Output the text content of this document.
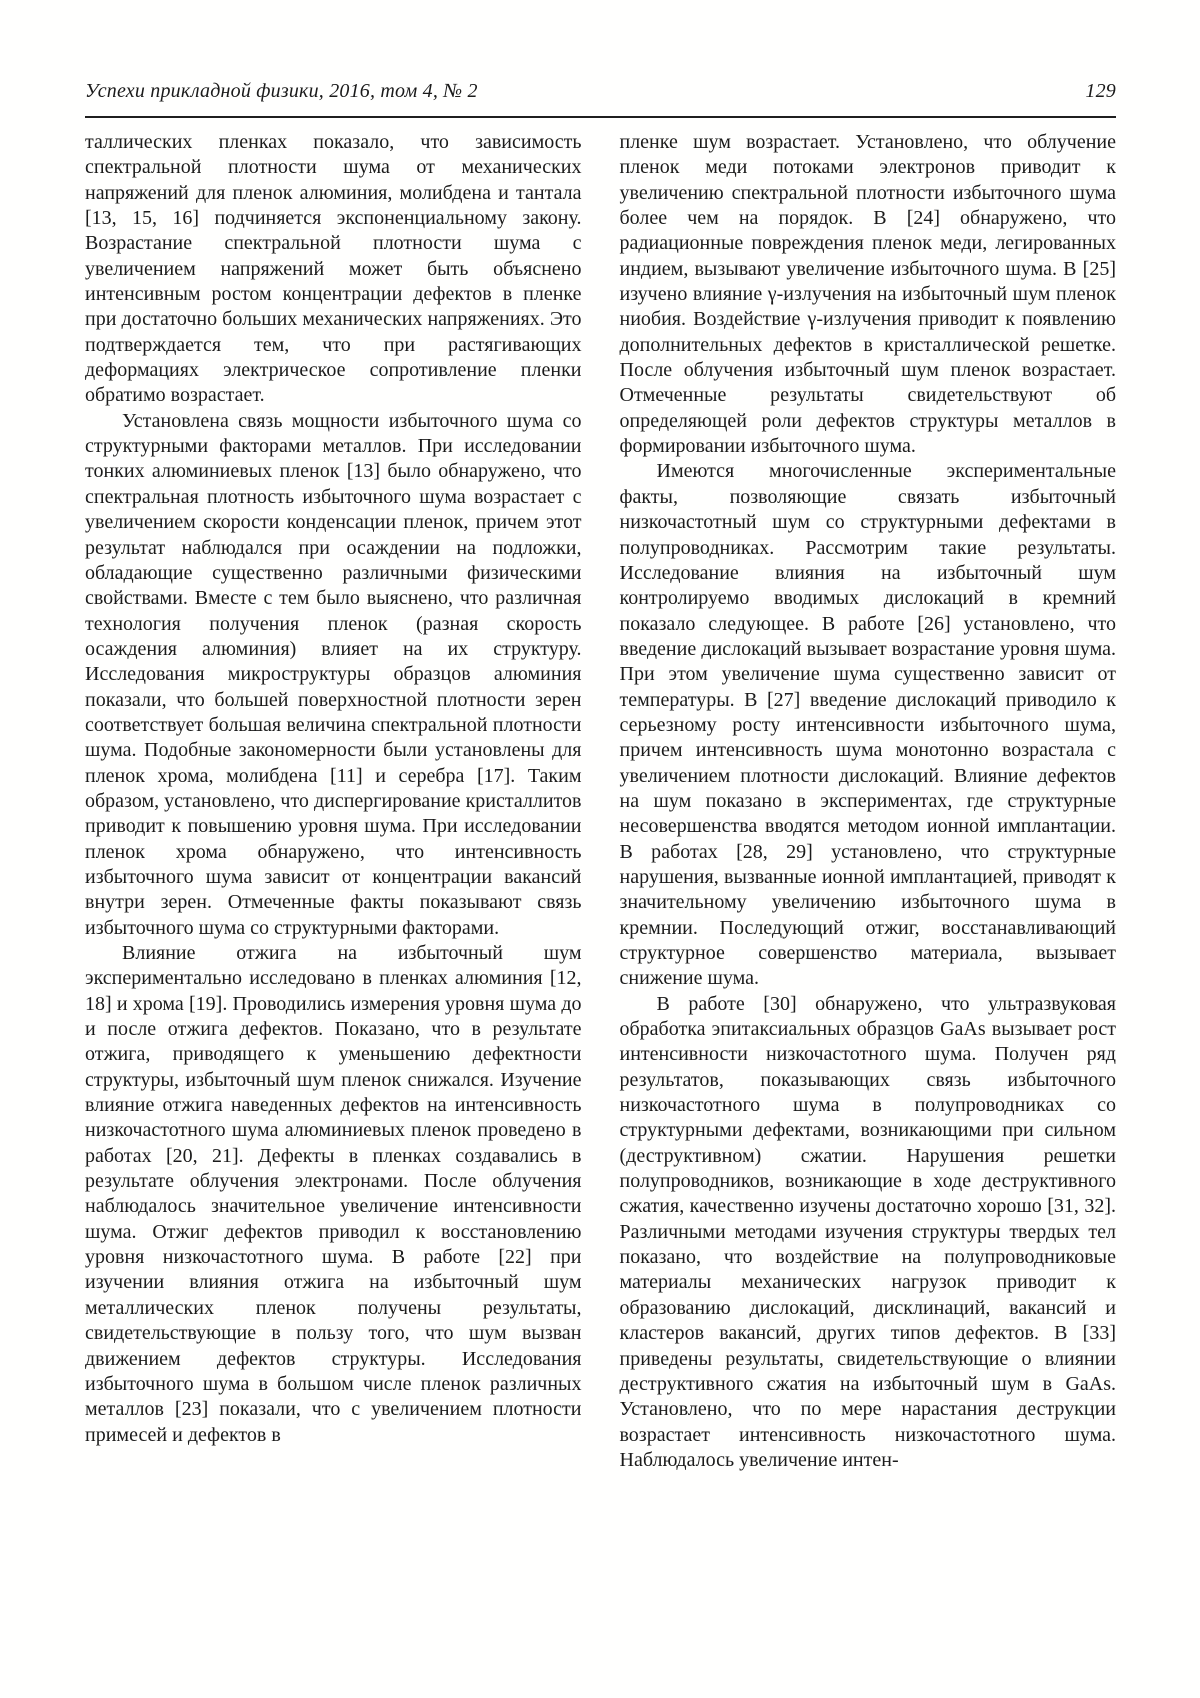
Успехи прикладной физики, 2016, том 4, № 2	129

таллических пленках показало, что зависимость спектральной плотности шума от механических напряжений для пленок алюминия, молибдена и тантала [13, 15, 16] подчиняется экспоненциальному закону. Возрастание спектральной плотности шума с увеличением напряжений может быть объяснено интенсивным ростом концентрации дефектов в пленке при достаточно больших механических напряжениях. Это подтверждается тем, что при растягивающих деформациях электрическое сопротивление пленки обратимо возрастает.

Установлена связь мощности избыточного шума со структурными факторами металлов. При исследовании тонких алюминиевых пленок [13] было обнаружено, что спектральная плотность избыточного шума возрастает с увеличением скорости конденсации пленок, причем этот результат наблюдался при осаждении на подложки, обладающие существенно различными физическими свойствами. Вместе с тем было выяснено, что различная технология получения пленок (разная скорость осаждения алюминия) влияет на их структуру. Исследования микроструктуры образцов алюминия показали, что большей поверхностной плотности зерен соответствует большая величина спектральной плотности шума. Подобные закономерности были установлены для пленок хрома, молибдена [11] и серебра [17]. Таким образом, установлено, что диспергирование кристаллитов приводит к повышению уровня шума. При исследовании пленок хрома обнаружено, что интенсивность избыточного шума зависит от концентрации вакансий внутри зерен. Отмеченные факты показывают связь избыточного шума со структурными факторами.

Влияние отжига на избыточный шум экспериментально исследовано в пленках алюминия [12, 18] и хрома [19]. Проводились измерения уровня шума до и после отжига дефектов. Показано, что в результате отжига, приводящего к уменьшению дефектности структуры, избыточный шум пленок снижался. Изучение влияние отжига наведенных дефектов на интенсивность низкочастотного шума алюминиевых пленок проведено в работах [20, 21]. Дефекты в пленках создавались в результате облучения электронами. После облучения наблюдалось значительное увеличение интенсивности шума. Отжиг дефектов приводил к восстановлению уровня низкочастотного шума. В работе [22] при изучении влияния отжига на избыточный шум металлических пленок получены результаты, свидетельствующие в пользу того, что шум вызван движением дефектов структуры. Исследования избыточного шума в большом числе пленок различных металлов [23] показали, что с увеличением плотности примесей и дефектов в

пленке шум возрастает. Установлено, что облучение пленок меди потоками электронов приводит к увеличению спектральной плотности избыточного шума более чем на порядок. В [24] обнаружено, что радиационные повреждения пленок меди, легированных индием, вызывают увеличение избыточного шума. В [25] изучено влияние γ-излучения на избыточный шум пленок ниобия. Воздействие γ-излучения приводит к появлению дополнительных дефектов в кристаллической решетке. После облучения избыточный шум пленок возрастает. Отмеченные результаты свидетельствуют об определяющей роли дефектов структуры металлов в формировании избыточного шума.

Имеются многочисленные экспериментальные факты, позволяющие связать избыточный низкочастотный шум со структурными дефектами в полупроводниках. Рассмотрим такие результаты. Исследование влияния на избыточный шум контролируемо вводимых дислокаций в кремний показало следующее. В работе [26] установлено, что введение дислокаций вызывает возрастание уровня шума. При этом увеличение шума существенно зависит от температуры. В [27] введение дислокаций приводило к серьезному росту интенсивности избыточного шума, причем интенсивность шума монотонно возрастала с увеличением плотности дислокаций. Влияние дефектов на шум показано в экспериментах, где структурные несовершенства вводятся методом ионной имплантации. В работах [28, 29] установлено, что структурные нарушения, вызванные ионной имплантацией, приводят к значительному увеличению избыточного шума в кремнии. Последующий отжиг, восстанавливающий структурное совершенство материала, вызывает снижение шума.

В работе [30] обнаружено, что ультразвуковая обработка эпитаксиальных образцов GaAs вызывает рост интенсивности низкочастотного шума. Получен ряд результатов, показывающих связь избыточного низкочастотного шума в полупроводниках со структурными дефектами, возникающими при сильном (деструктивном) сжатии. Нарушения решетки полупроводников, возникающие в ходе деструктивного сжатия, качественно изучены достаточно хорошо [31, 32]. Различными методами изучения структуры твердых тел показано, что воздействие на полупроводниковые материалы механических нагрузок приводит к образованию дислокаций, дисклинаций, вакансий и кластеров вакансий, других типов дефектов. В [33] приведены результаты, свидетельствующие о влиянии деструктивного сжатия на избыточный шум в GaAs. Установлено, что по мере нарастания деструкции возрастает интенсивность низкочастотного шума. Наблюдалось увеличение интен-
